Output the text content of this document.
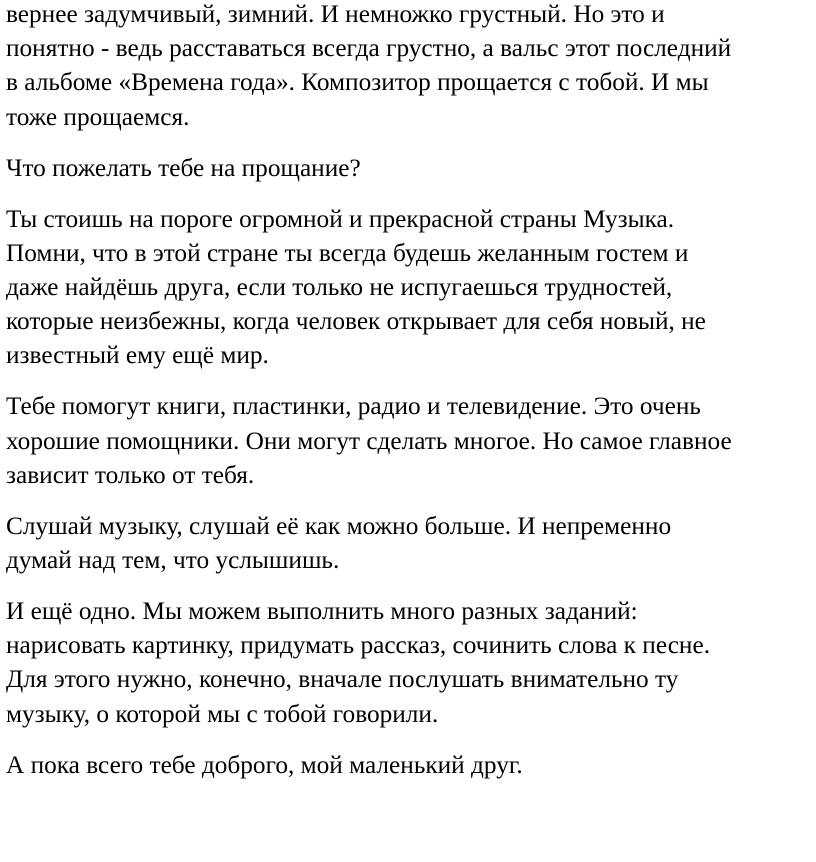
вернее задумчивый, зимний. И немножко грустный. Но это и
понятно - ведь расставаться всегда грустно, а вальс этот последний
в альбоме «Времена года». Композитор прощается с тобой. И мы
тоже прощаемся.

Что пожелать тебе на прощание?

Ты стоишь на пороге огромной и прекрасной страны Музыка.
Помни, что в этой стране ты всегда будешь желанным гостем и
даже найдёшь друга, если только не испугаешься трудностей,
которые неизбежны, когда человек открывает для себя новый, не
известный ему ещё мир.

Тебе помогут книги, пластинки, радио и телевидение. Это очень
хорошие помощники. Они могут сделать многое. Но самое главное
зависит только от тебя.

Слушай музыку, слушай её как можно больше. И непременно
думай над тем, что услышишь.

И ещё одно. Мы можем выполнить много разных заданий:
нарисовать картинку, придумать рассказ, сочинить слова к песне.
Для этого нужно, конечно, вначале послушать внимательно ту
музыку, о которой мы с тобой говорили.

А пока всего тебе доброго, мой маленький друг.
